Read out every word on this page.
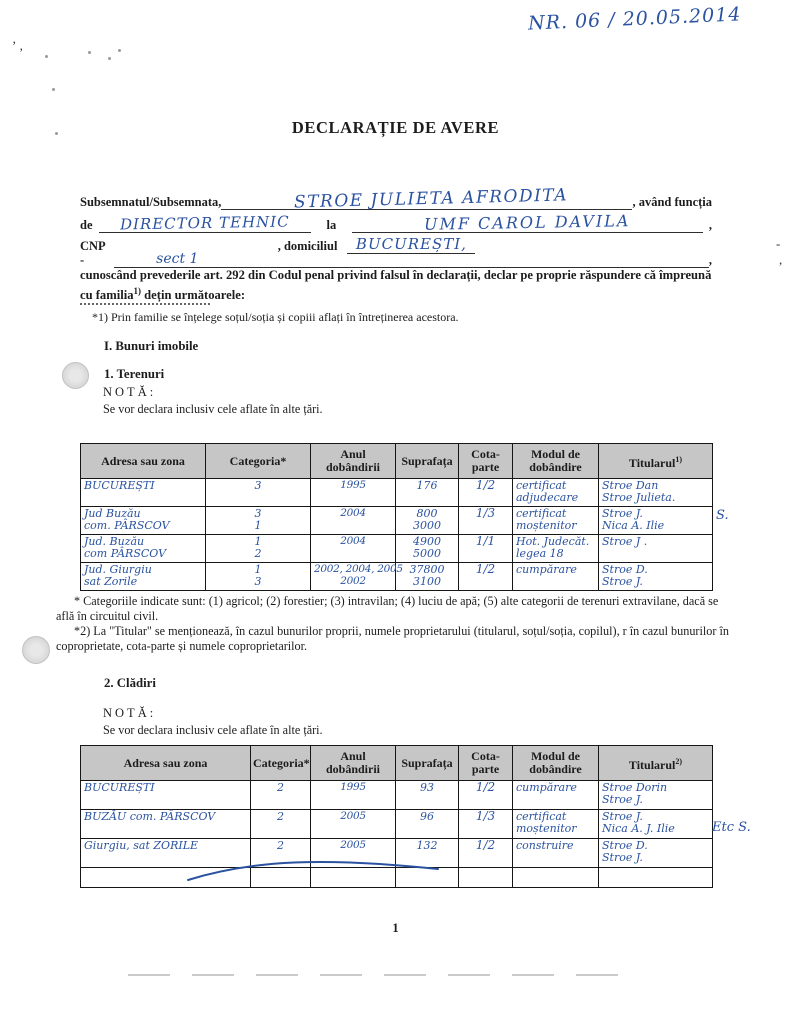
ʼ ,
NR. 06 / 20.05.2014
DECLARAȚIE DE AVERE
Subsemnatul/Subsemnata,	STROE JULIETA AFRODITA	, având funcția
de DIRECTOR TEHNIC	la	UMF CAROL DAVILA	,
CNP	, domiciliul BUCUREȘTI,	-
,
-	sect 1	,
cunoscând prevederile art. 292 din Codul penal privind falsul în declarații, declar pe proprie răspundere că împreună cu familia$^{1)}$ dețin următoarele:
*1) Prin familie se înțelege soțul/soția și copiii aflați în întreținerea acestora.
I. Bunuri imobile
1. Terenuri
NOTĂ:
Se vor declara inclusiv cele aflate în alte țări.
Adresa sau zona	Categoria*	Anul dobândirii	Suprafața	Cota-parte	Modul de dobândire	Titularul$^{1)}$

BUCUREȘTI	3	1995	176	1/2	certificat
adjudecare	Stroe Dan
Stroe Julieta.

Jud Buzău
com. PÂRSCOV	3
1	2004	800
3000	1/3	certificat
moștenitor	Stroe J.
Nica A. Ilie

Jud. Buzău
com PÂRSCOV	1
2	2004	4900
5000	1/1	Hot. Judecăt.
legea 18	Stroe J .

Jud. Giurgiu
sat Zorile	1
3	2002, 2004, 2005
2002	37800
3100	1/2	cumpărare	Stroe D.
Stroe J.
S.

* Categoriile indicate sunt: (1) agricol; (2) forestier; (3) intravilan; (4) luciu de apă; (5) alte categorii de terenuri extravilane, dacă se află în circuitul civil.

*2) La "Titular" se menționează, în cazul bunurilor proprii, numele proprietarului (titularul, soțul/soția, copilul), r în cazul bunurilor în coproprietate, cota-parte și numele coproprietarilor.

2. Clădiri
NOTĂ:
Se vor declara inclusiv cele aflate în alte țări.
Adresa sau zona	Categoria*	Anul dobândirii	Suprafața	Cota-parte	Modul de dobândire	Titularul$^{2)}$

BUCUREȘTI	2	1995	93	1/2	cumpărare	Stroe Dorin
Stroe J.

BUZĂU com. PÂRSCOV	2	2005	96	1/3	certificat
moștenitor	Stroe J.
Nica A. J. Ilie

Giurgiu, sat ZORILE	2	2005	132	1/2	construire	Stroe D.
Stroe J.

Etc S.
1
